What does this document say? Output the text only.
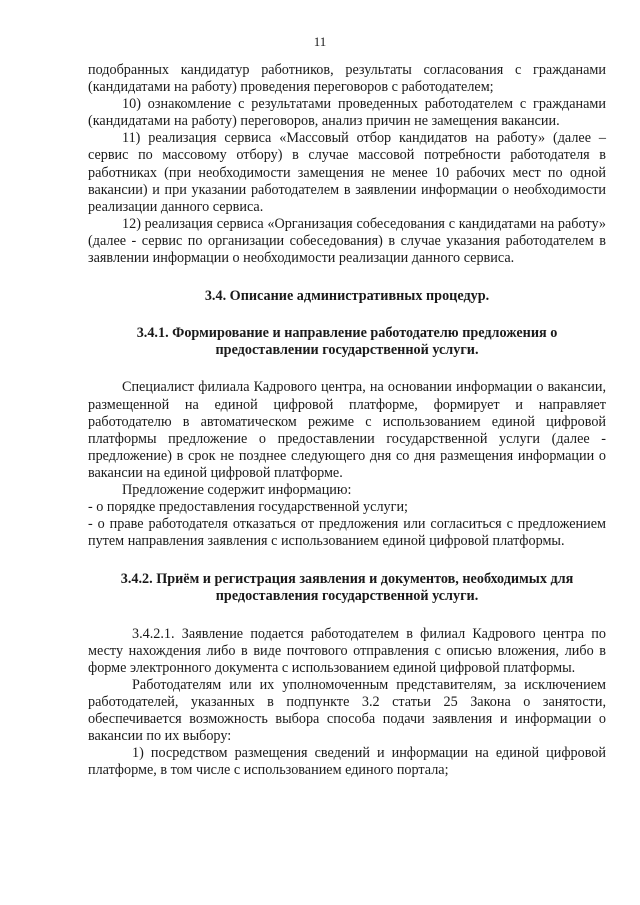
11

подобранных кандидатур работников, результаты согласования с гражданами (кандидатами на работу) проведения переговоров с работодателем;

10) ознакомление с результатами проведенных работодателем с гражданами (кандидатами на работу) переговоров, анализ причин не замещения вакансии.

11) реализация сервиса «Массовый отбор кандидатов на работу» (далее – сервис по массовому отбору) в случае массовой потребности работодателя в работниках (при необходимости замещения не менее 10 рабочих мест по одной вакансии) и при указании работодателем в заявлении информации о необходимости реализации данного сервиса.

12) реализация сервиса «Организация собеседования с кандидатами на работу» (далее - сервис по организации собеседования) в случае указания работодателем в заявлении информации о необходимости реализации данного сервиса.

3.4. Описание административных процедур.

3.4.1. Формирование и направление работодателю предложения о предоставлении государственной услуги.

Специалист филиала Кадрового центра, на основании информации о вакансии, размещенной на единой цифровой платформе, формирует и направляет работодателю в автоматическом режиме с использованием единой цифровой платформы предложение о предоставлении государственной услуги (далее - предложение) в срок не позднее следующего дня со дня размещения информации о вакансии на единой цифровой платформе.

Предложение содержит информацию:

- о порядке предоставления государственной услуги;

- о праве работодателя отказаться от предложения или согласиться с предложением путем направления заявления с использованием единой цифровой платформы.

3.4.2. Приём и регистрация заявления и документов, необходимых для предоставления государственной услуги.

3.4.2.1. Заявление подается работодателем в филиал Кадрового центра по месту нахождения либо в виде почтового отправления с описью вложения, либо в форме электронного документа с использованием единой цифровой платформы.

Работодателям или их уполномоченным представителям, за исключением работодателей, указанных в подпункте 3.2 статьи 25 Закона о занятости, обеспечивается возможность выбора способа подачи заявления и информации о вакансии по их выбору:

1) посредством размещения сведений и информации на единой цифровой платформе, в том числе с использованием единого портала;
